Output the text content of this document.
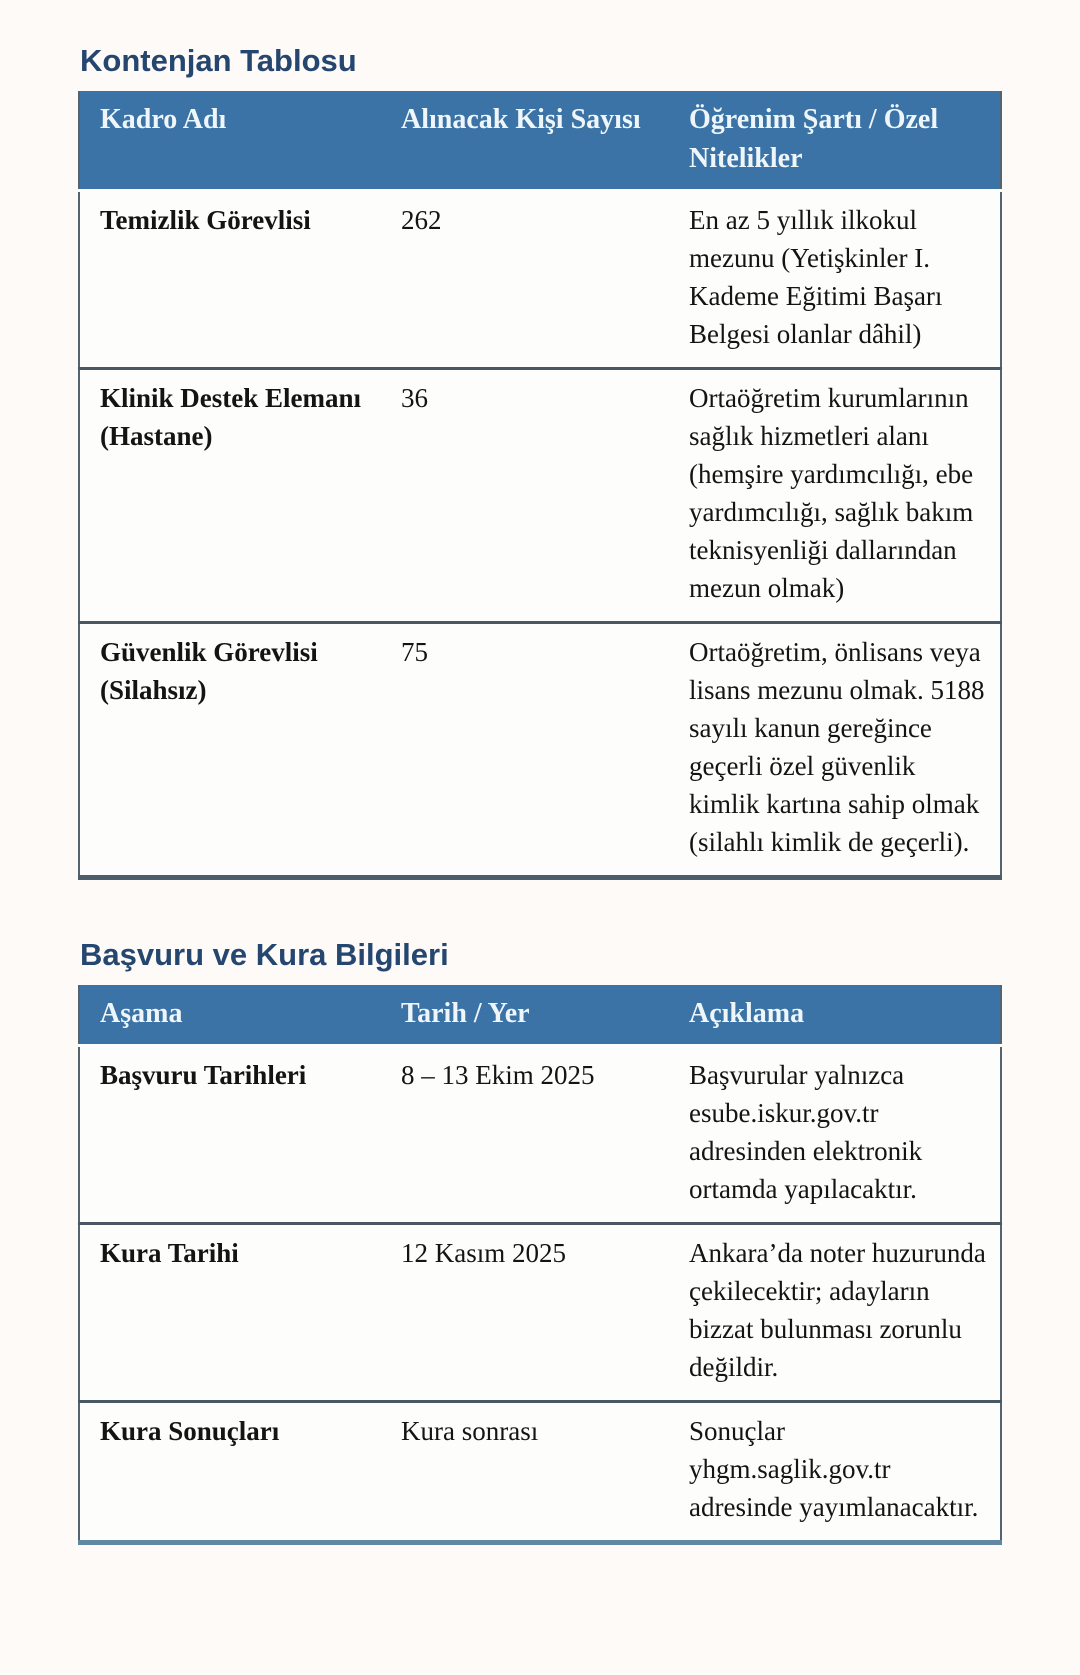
Kontenjan Tablosu
Kadro Adı	Alınacak Kişi Sayısı	Öğrenim Şartı / Özel Nitelikler
Temizlik Görevlisi	262	En az 5 yıllık ilkokul mezunu (Yetişkinler I. Kademe Eğitimi Başarı Belgesi olanlar dâhil)
Klinik Destek Elemanı (Hastane)	36	Ortaöğretim kurumlarının sağlık hizmetleri alanı (hemşire yardımcılığı, ebe yardımcılığı, sağlık bakım teknisyenliği dallarından mezun olmak)
Güvenlik Görevlisi (Silahsız)	75	Ortaöğretim, önlisans veya lisans mezunu olmak. 5188 sayılı kanun gereğince geçerli özel güvenlik kimlik kartına sahip olmak (silahlı kimlik de geçerli).
Başvuru ve Kura Bilgileri
Aşama	Tarih / Yer	Açıklama
Başvuru Tarihleri	8 – 13 Ekim 2025	Başvurular yalnızca esube.iskur.gov.tr adresinden elektronik ortamda yapılacaktır.
Kura Tarihi	12 Kasım 2025	Ankara’da noter huzurunda çekilecektir; adayların bizzat bulunması zorunlu değildir.
Kura Sonuçları	Kura sonrası	Sonuçlar yhgm.saglik.gov.tr adresinde yayımlanacaktır.
